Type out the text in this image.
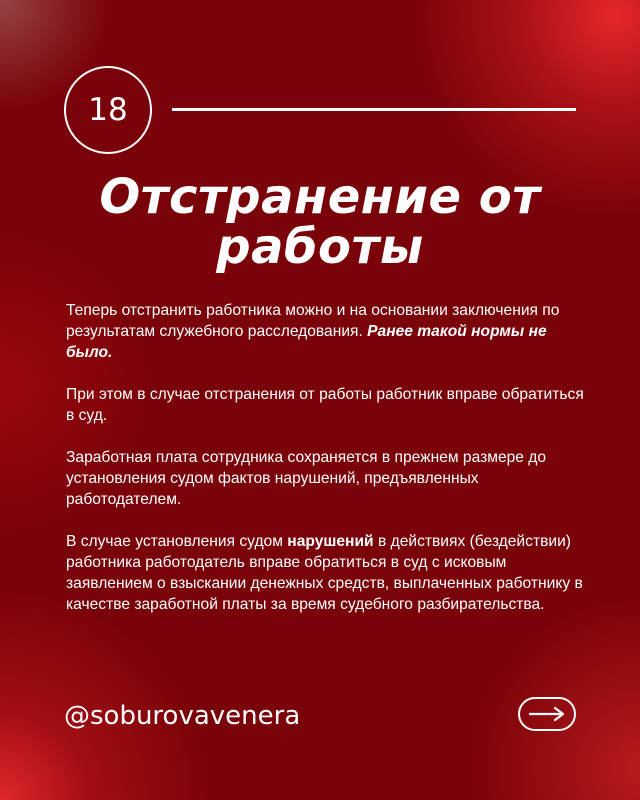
18
Отстранение от работы

Теперь отстранить работника можно и на основании заключения по результатам служебного расследования. Ранее такой нормы не было.

При этом в случае отстранения от работы работник вправе обратиться в суд.

Заработная плата сотрудника сохраняется в прежнем размере до установления судом фактов нарушений, предъявленных работодателем.

В случае установления судом нарушений в действиях (бездействии) работника работодатель вправе обратиться в суд с исковым заявлением о взыскании денежных средств, выплаченных работнику в качестве заработной платы за время судебного разбирательства.

@soburovavenera
